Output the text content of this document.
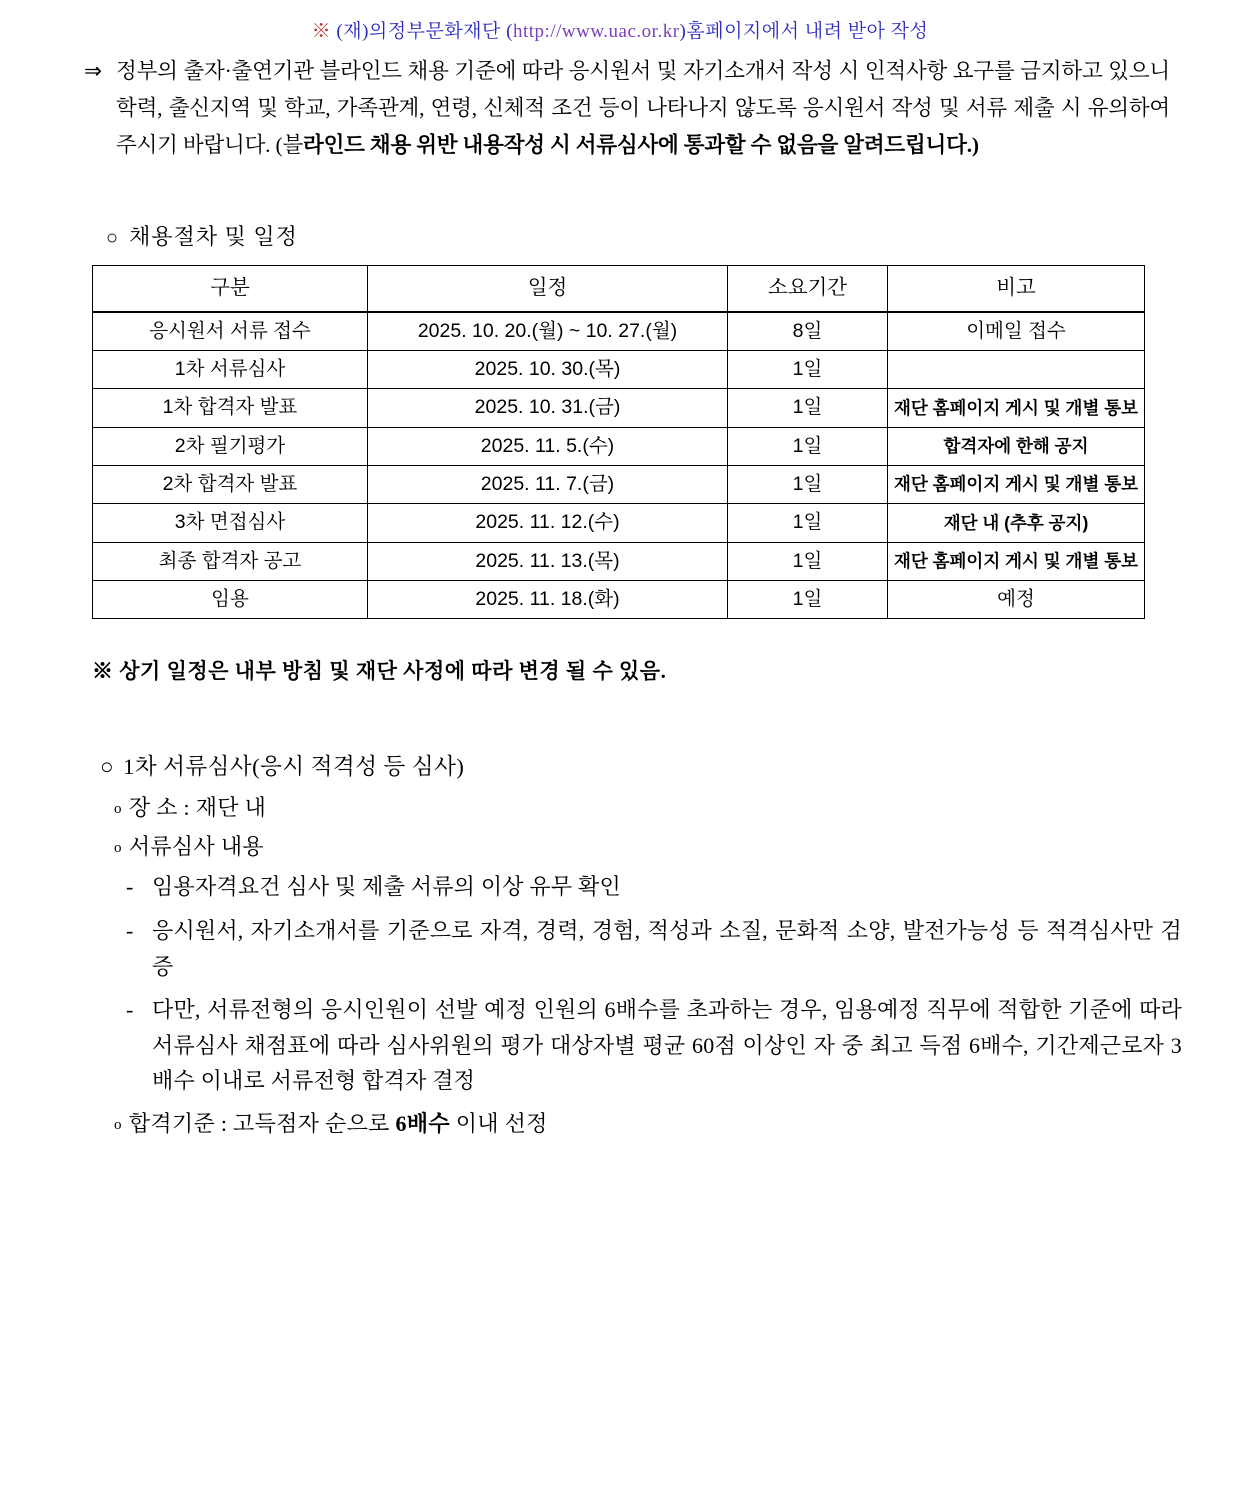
※ (재)의정부문화재단 (http://www.uac.or.kr)홈페이지에서 내려 받아 작성
⇒ 정부의 출자·출연기관 블라인드 채용 기준에 따라 응시원서 및 자기소개서 작성 시 인적사항 요구를 금지하고 있으니 학력, 출신지역 및 학교, 가족관계, 연령, 신체적 조건 등이 나타나지 않도록 응시원서 작성 및 서류 제출 시 유의하여 주시기 바랍니다. (블라인드 채용 위반 내용작성 시 서류심사에 통과할 수 없음을 알려드립니다.)
○ 채용절차 및 일정
구분	일정	소요기간	비고
응시원서 서류 접수	2025. 10. 20.(월) ~ 10. 27.(월)	8일	이메일 접수
1차 서류심사	2025. 10. 30.(목)	1일	
1차 합격자 발표	2025. 10. 31.(금)	1일	재단 홈페이지 게시 및 개별 통보
2차 필기평가	2025. 11. 5.(수)	1일	합격자에 한해 공지
2차 합격자 발표	2025. 11. 7.(금)	1일	재단 홈페이지 게시 및 개별 통보
3차 면접심사	2025. 11. 12.(수)	1일	재단 내 (추후 공지)
최종 합격자 공고	2025. 11. 13.(목)	1일	재단 홈페이지 게시 및 개별 통보
임용	2025. 11. 18.(화)	1일	예정
※ 상기 일정은 내부 방침 및 재단 사정에 따라 변경 될 수 있음.
○ 1차 서류심사(응시 적격성 등 심사)
ο 장 소 : 재단 내
ο 서류심사 내용
- 임용자격요건 심사 및 제출 서류의 이상 유무 확인
- 응시원서, 자기소개서를 기준으로 자격, 경력, 경험, 적성과 소질, 문화적 소양, 발전가능성 등 적격심사만 검증
- 다만, 서류전형의 응시인원이 선발 예정 인원의 6배수를 초과하는 경우, 임용예정 직무에 적합한 기준에 따라 서류심사 채점표에 따라 심사위원의 평가 대상자별 평균 60점 이상인 자 중 최고 득점 6배수, 기간제근로자 3배수 이내로 서류전형 합격자 결정
ο 합격기준 : 고득점자 순으로 6배수 이내 선정
